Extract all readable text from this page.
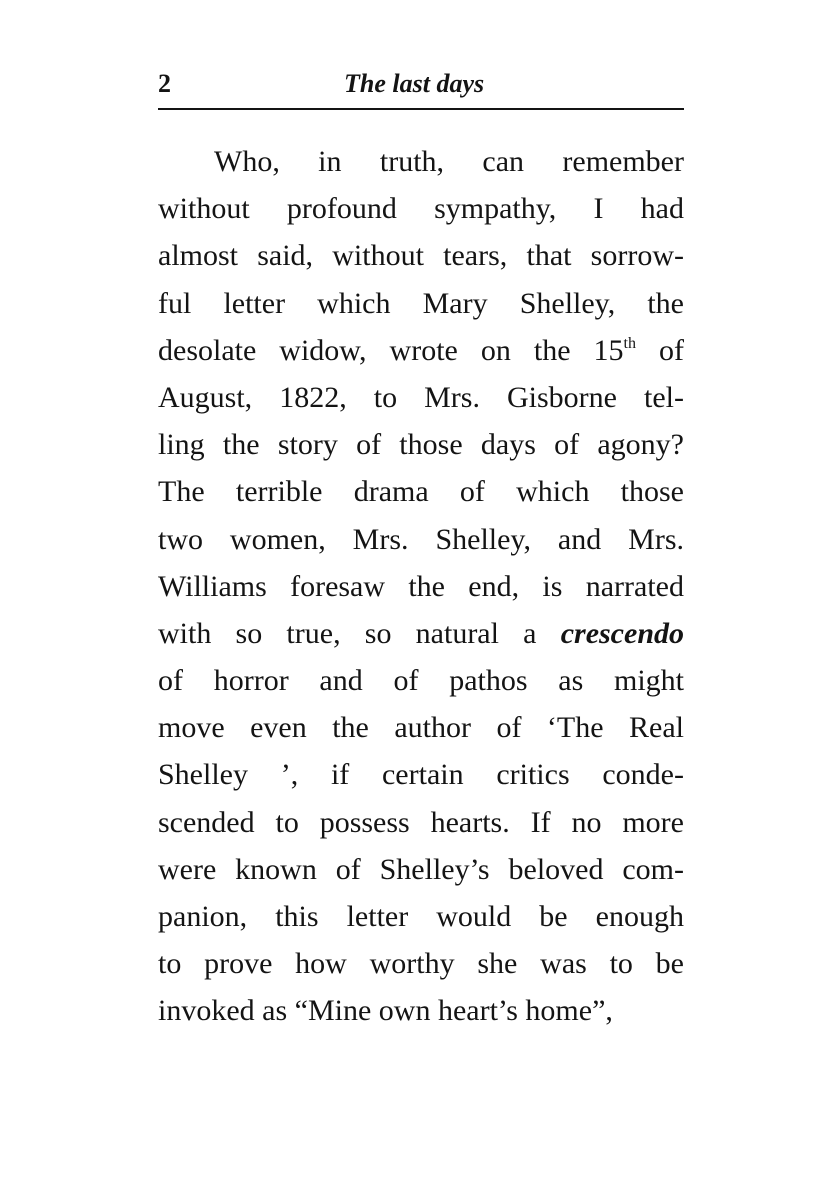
2	The last days
Who, in truth, can remember
without profound sympathy, I had
almost said, without tears, that sorrow-
ful letter which Mary Shelley, the
desolate widow, wrote on the 15th of
August, 1822, to Mrs. Gisborne tel-
ling the story of those days of agony?
The terrible drama of which those
two women, Mrs. Shelley, and Mrs.
Williams foresaw the end, is narrated
with so true, so natural a crescendo
of horror and of pathos as might
move even the author of ‘The Real
Shelley ’, if certain critics conde-
scended to possess hearts. If no more
were known of Shelley’s beloved com-
panion, this letter would be enough
to prove how worthy she was to be
invoked as “Mine own heart’s home”,
